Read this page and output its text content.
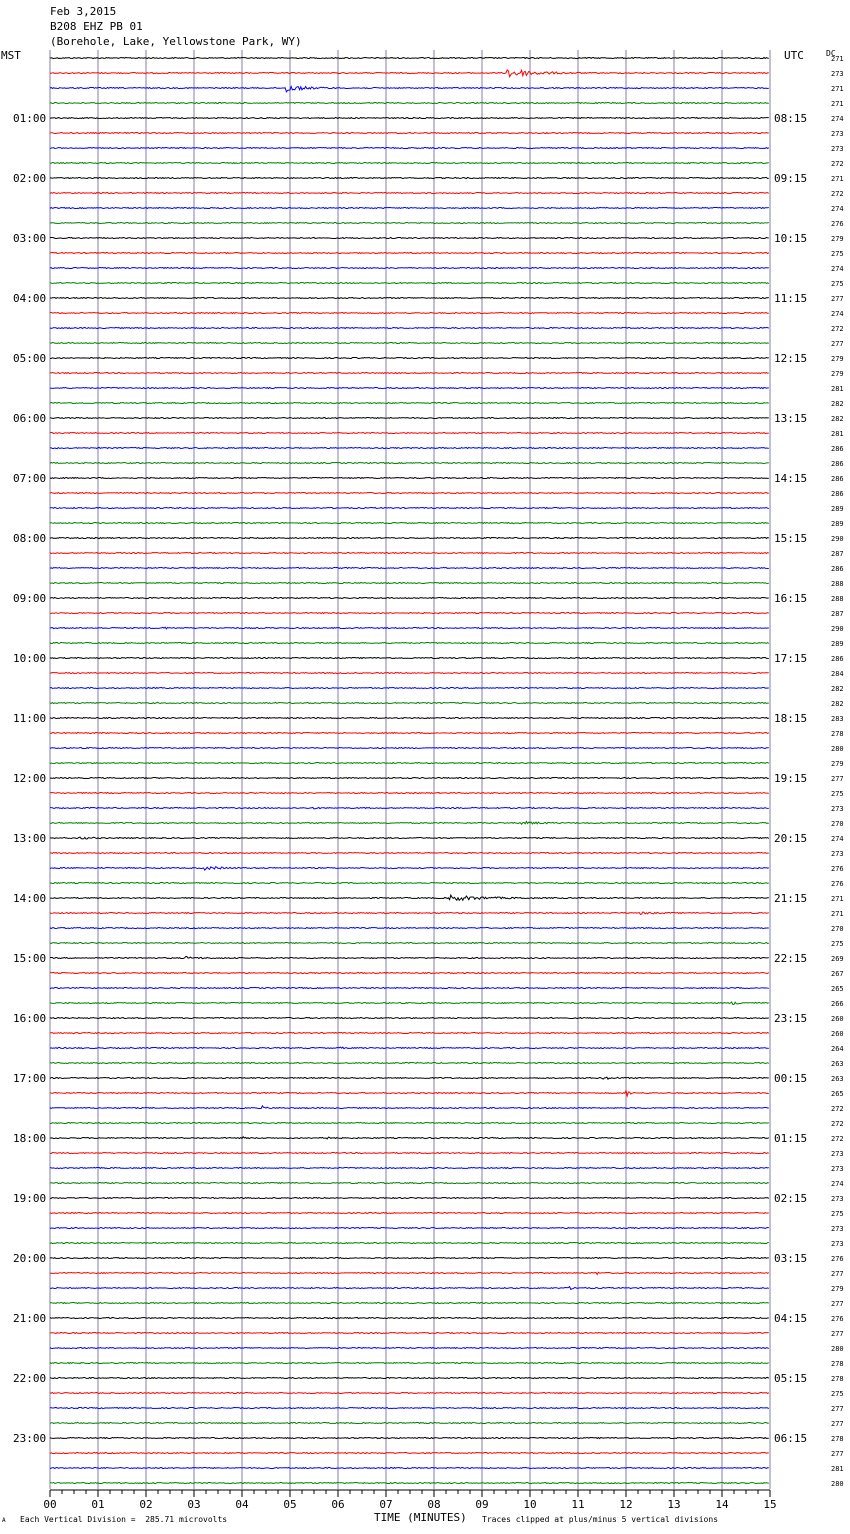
Feb 3,2015
B208 EHZ PB 01
(Borehole, Lake, Yellowstone Park, WY)
MST	UTC	DC
271
273
271
271
274
273
273
272
271
272
274
276
279
275
274
275
277
274
272
277
279
279
281
282
282
281
286
286
286
286
289
289
290
287
286
288
288
287
290
289
286
284
282
282
283
278
280
279
277
275
273
270
274
273
276
276
271
271
270
275
269
267
265
266
260
260
264
263
263
265
272
272
272
273
273
274
273
275
273
273
276
277
279
277
276
277
280
278
278
275
277
277
278
277
281
280
01:00
02:00
03:00
04:00
05:00
06:00
07:00
08:00
09:00
10:00
11:00
12:00
13:00
14:00
15:00
16:00
17:00
18:00
19:00
20:00
21:00
22:00
23:00
08:15
09:15
10:15
11:15
12:15
13:15
14:15
15:15
16:15
17:15
18:15
19:15
20:15
21:15
22:15
23:15
00:15
01:15
02:15
03:15
04:15
05:15
06:15
00	01	02	03	04	05	06	07	08	09	10	11	12	13	14	15
A Each Vertical Division =  285.71 microvolts	TIME (MINUTES) Traces clipped at plus/minus 5 vertical divisions
